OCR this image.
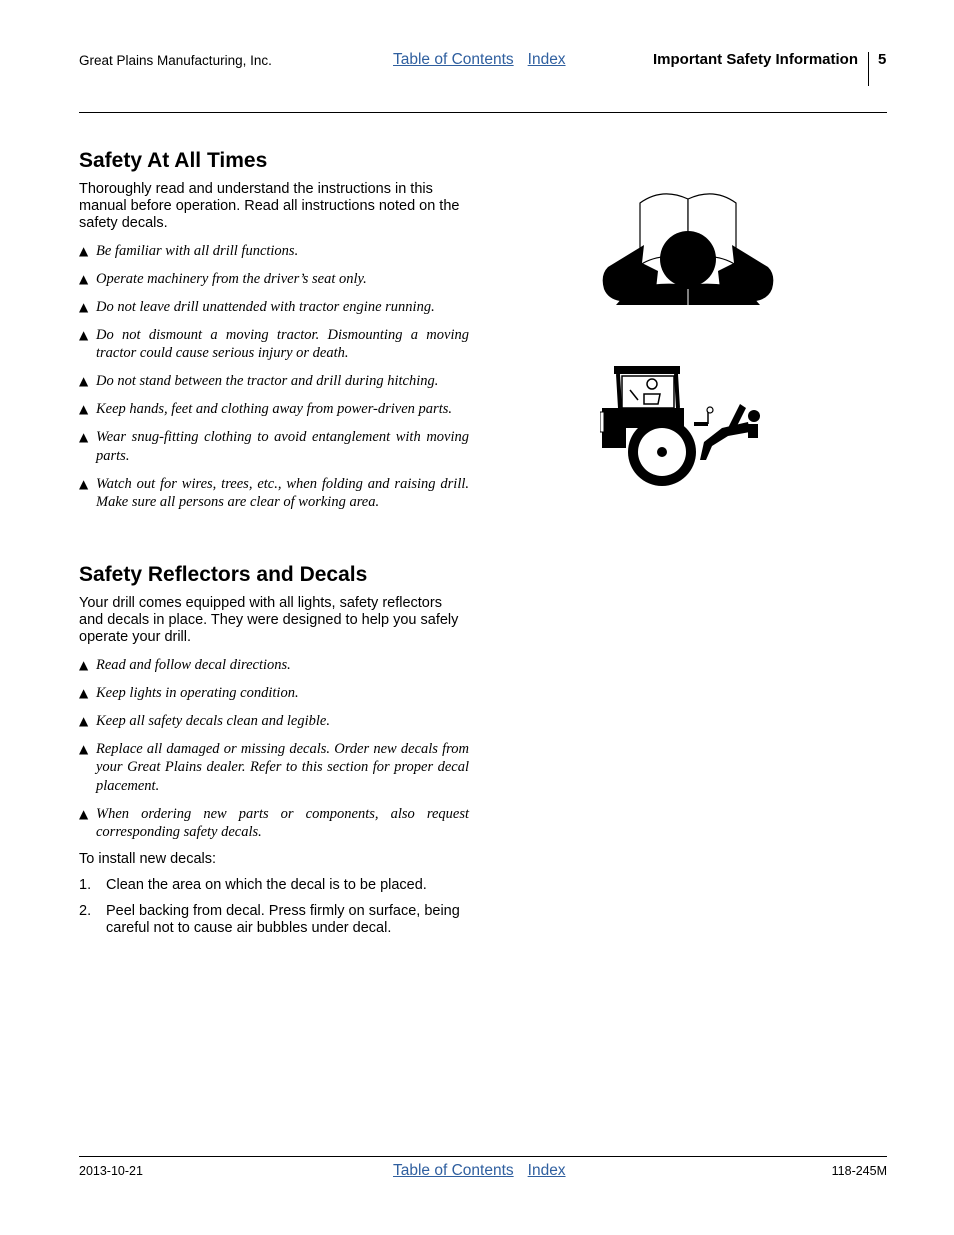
Great Plains Manufacturing, Inc.	Table of Contents Index	Important Safety Information 5
Safety At All Times

Thoroughly read and understand the instructions in this manual before operation. Read all instructions noted on the safety decals.

▲ Be familiar with all drill functions.
▲ Operate machinery from the driver’s seat only.
▲ Do not leave drill unattended with tractor engine running.
▲ Do not dismount a moving tractor. Dismounting a moving tractor could cause serious injury or death.
▲ Do not stand between the tractor and drill during hitching.
▲ Keep hands, feet and clothing away from power-driven parts.
▲ Wear snug-fitting clothing to avoid entanglement with moving parts.
▲ Watch out for wires, trees, etc., when folding and raising drill. Make sure all persons are clear of working area.
Safety Reflectors and Decals

Your drill comes equipped with all lights, safety reflectors and decals in place. They were designed to help you safely operate your drill.

▲ Read and follow decal directions.
▲ Keep lights in operating condition.
▲ Keep all safety decals clean and legible.
▲ Replace all damaged or missing decals. Order new decals from your Great Plains dealer. Refer to this section for proper decal placement.
▲ When ordering new parts or components, also request corresponding safety decals.

To install new decals:

1. Clean the area on which the decal is to be placed.
2. Peel backing from decal. Press firmly on surface, being careful not to cause air bubbles under decal.
2013-10-21	Table of Contents Index	118-245M
